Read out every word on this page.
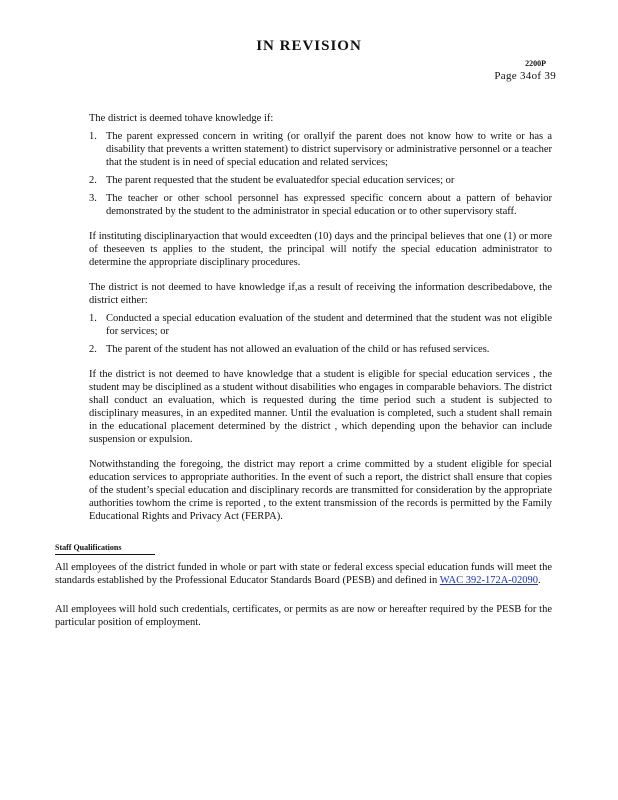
IN REVISION
2200P
Page 34of 39

The district is deemed tohave knowledge if:

1. The parent expressed concern in writing (or orallyif the parent does not know how to write or has a disability that prevents a written statement) to district supervisory or administrative personnel or a teacher that the student is in need of special education and related services;
2. The parent requested that the student be evaluatedfor special education services; or
3. The teacher or other school personnel has expressed specific concern about a pattern of behavior demonstrated by the student to the administrator in special education or to other supervisory staff.

If instituting disciplinaryaction that would exceedten (10) days and the principal believes that one (1) or more of theseeven ts applies to the student, the principal will notify the special education administrator to determine the appropriate disciplinary procedures.

The district is not deemed to have knowledge if,as a result of receiving the information describedabove, the district either:

1. Conducted a special education evaluation of the student and determined that the student was not eligible for services; or
2. The parent of the student has not allowed an evaluation of the child or has refused services.

If the district is not deemed to have knowledge that a student is eligible for special education services , the student may be disciplined as a student without disabilities who engages in comparable behaviors. The district shall conduct an evaluation, which is requested during the time period such a student is subjected to disciplinary measures, in an expedited manner. Until the evaluation is completed, such a student shall remain in the educational placement determined by the district , which depending upon the behavior can include suspension or expulsion.

Notwithstanding the foregoing, the district may report a crime committed by a student eligible for special education services to appropriate authorities. In the event of such a report, the district shall ensure that copies of the student’s special education and disciplinary records are transmitted for consideration by the appropriate authorities towhom the crime is reported , to the extent transmission of the records is permitted by the Family Educational Rights and Privacy Act (FERPA).

Staff Qualifications

All employees of the district funded in whole or part with state or federal excess special education funds will meet the standards established by the Professional Educator Standards Board (PESB) and defined in WAC 392-172A-02090.

All employees will hold such credentials, certificates, or permits as are now or hereafter required by the PESB for the particular position of employment.
